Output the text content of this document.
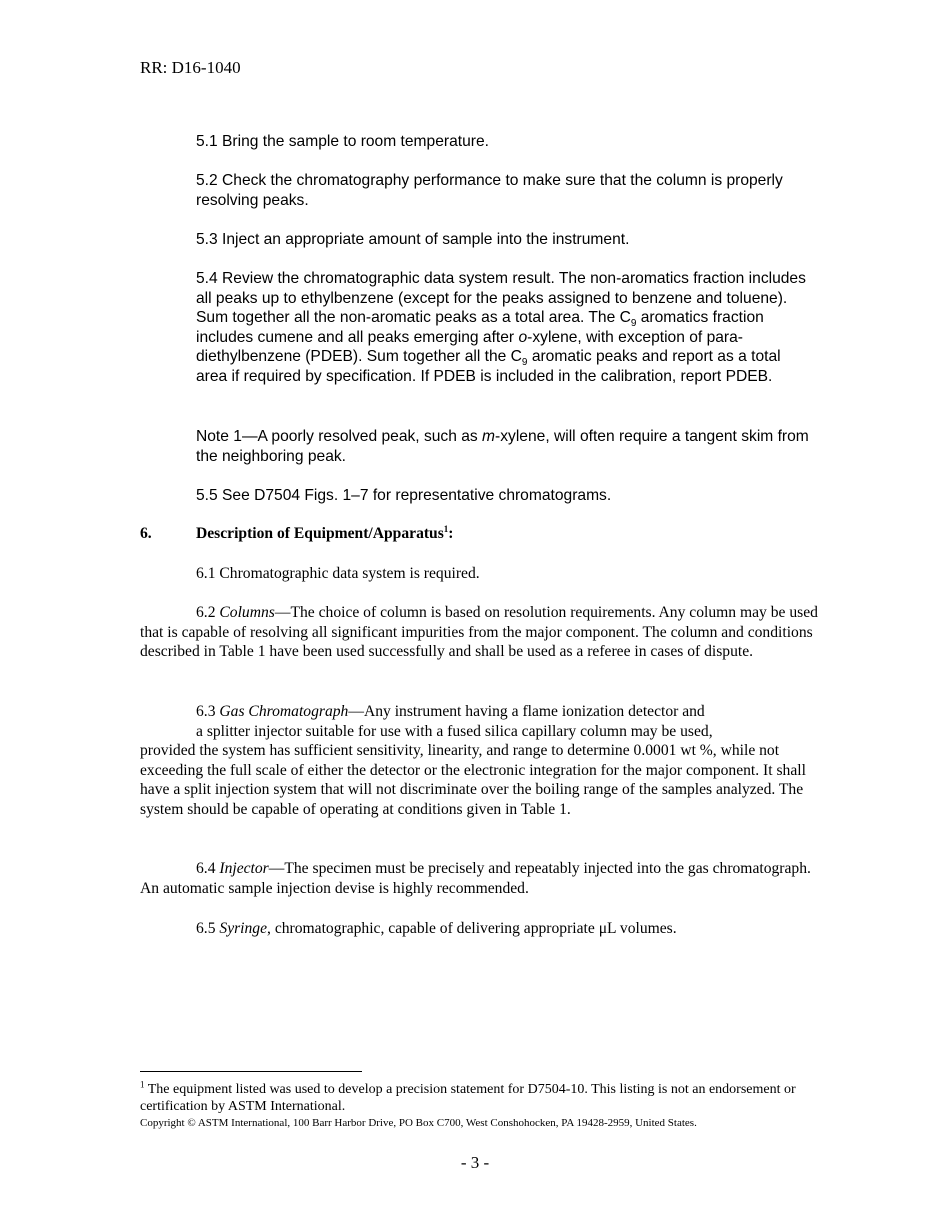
RR: D16-1040

5.1 Bring the sample to room temperature.

5.2 Check the chromatography performance to make sure that the column is properly resolving peaks.

5.3 Inject an appropriate amount of sample into the instrument.

5.4 Review the chromatographic data system result. The non-aromatics fraction includes all peaks up to ethylbenzene (except for the peaks assigned to benzene and toluene). Sum together all the non-aromatic peaks as a total area. The $C_9$ aromatics fraction includes cumene and all peaks emerging after o-xylene, with exception of para-diethylbenzene (PDEB). Sum together all the $C_9$ aromatic peaks and report as a total area if required by specification. If PDEB is included in the calibration, report PDEB.

Note 1—A poorly resolved peak, such as m-xylene, will often require a tangent skim from the neighboring peak.

5.5 See D7504 Figs. 1–7 for representative chromatograms.

6.	Description of Equipment/Apparatus$^1$:

6.1 Chromatographic data system is required.

6.2 Columns—The choice of column is based on resolution requirements. Any column may be used that is capable of resolving all significant impurities from the major component. The column and conditions described in Table 1 have been used successfully and shall be used as a referee in cases of dispute.

6.3 Gas Chromatograph—Any instrument having a flame ionization detector and
a splitter injector suitable for use with a fused silica capillary column may be used,
provided the system has sufficient sensitivity, linearity, and range to determine 0.0001 wt %, while not exceeding the full scale of either the detector or the electronic integration for the major component. It shall have a split injection system that will not discriminate over the boiling range of the samples analyzed. The system should be capable of operating at conditions given in Table 1.

6.4 Injector—The specimen must be precisely and repeatably injected into the gas chromatograph. An automatic sample injection devise is highly recommended.

6.5 Syringe, chromatographic, capable of delivering appropriate μL volumes.

$^1$ The equipment listed was used to develop a precision statement for D7504-10. This listing is not an endorsement or certification by ASTM International.

Copyright © ASTM International, 100 Barr Harbor Drive, PO Box C700, West Conshohocken, PA 19428-2959, United States.
- 3 -
